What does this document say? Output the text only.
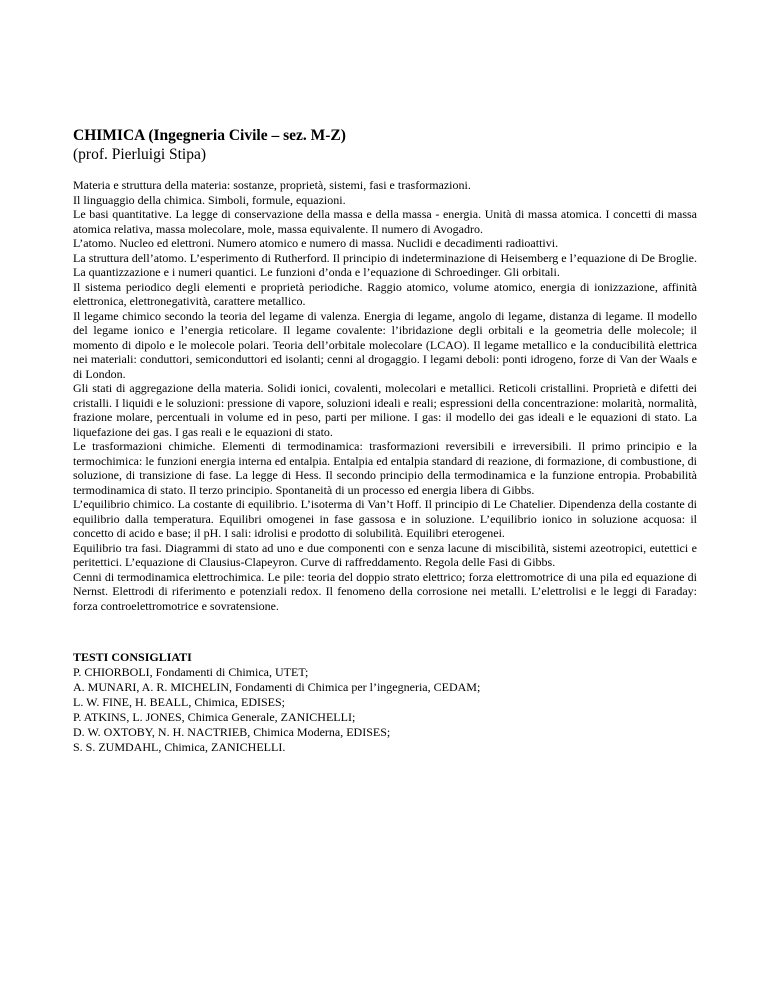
CHIMICA (Ingegneria Civile – sez. M-Z)

(prof. Pierluigi Stipa)

Materia e struttura della materia: sostanze, proprietà, sistemi, fasi e trasformazioni.

Il linguaggio della chimica. Simboli, formule, equazioni.

Le basi quantitative. La legge di conservazione della massa e della massa - energia. Unità di massa atomica. I concetti di massa atomica relativa, massa molecolare, mole, massa equivalente. Il numero di Avogadro.

L’atomo. Nucleo ed elettroni. Numero atomico e numero di massa. Nuclidi e decadimenti radioattivi.

La struttura dell’atomo. L’esperimento di Rutherford. Il principio di indeterminazione di Heisemberg e l’equazione di De Broglie. La quantizzazione e i numeri quantici. Le funzioni d’onda e l’equazione di Schroedinger. Gli orbitali.

Il sistema periodico degli elementi e proprietà periodiche. Raggio atomico, volume atomico, energia di ionizzazione, affinità elettronica, elettronegatività, carattere metallico.

Il legame chimico secondo la teoria del legame di valenza. Energia di legame, angolo di legame, distanza di legame. Il modello del legame ionico e l’energia reticolare. Il legame covalente: l’ibridazione degli orbitali e la geometria delle molecole; il momento di dipolo e le molecole polari. Teoria dell’orbitale molecolare (LCAO). Il legame metallico e la conducibilità elettrica nei materiali: conduttori, semiconduttori ed isolanti; cenni al drogaggio. I legami deboli: ponti idrogeno, forze di Van der Waals e di London.

Gli stati di aggregazione della materia. Solidi ionici, covalenti, molecolari e metallici. Reticoli cristallini. Proprietà e difetti dei cristalli. I liquidi e le soluzioni: pressione di vapore, soluzioni ideali e reali; espressioni della concentrazione: molarità, normalità, frazione molare, percentuali in volume ed in peso, parti per milione. I gas: il modello dei gas ideali e le equazioni di stato. La liquefazione dei gas. I gas reali e le equazioni di stato.

Le trasformazioni chimiche. Elementi di termodinamica: trasformazioni reversibili e irreversibili. Il primo principio e la termochimica: le funzioni energia interna ed entalpia. Entalpia ed entalpia standard di reazione, di formazione, di combustione, di soluzione, di transizione di fase. La legge di Hess. Il secondo principio della termodinamica e la funzione entropia. Probabilità termodinamica di stato. Il terzo principio. Spontaneità di un processo ed energia libera di Gibbs.

L’equilibrio chimico. La costante di equilibrio. L’isoterma di Van’t Hoff. Il principio di Le Chatelier. Dipendenza della costante di equilibrio dalla temperatura. Equilibri omogenei in fase gassosa e in soluzione. L’equilibrio ionico in soluzione acquosa: il concetto di acido e base; il pH. I sali: idrolisi e prodotto di solubilità. Equilibri eterogenei.

Equilibrio tra fasi. Diagrammi di stato ad uno e due componenti con e senza lacune di miscibilità, sistemi azeotropici, eutettici e peritettici. L’equazione di Clausius-Clapeyron. Curve di raffreddamento. Regola delle Fasi di Gibbs.

Cenni di termodinamica elettrochimica. Le pile: teoria del doppio strato elettrico; forza elettromotrice di una pila ed equazione di Nernst. Elettrodi di riferimento e potenziali redox. Il fenomeno della corrosione nei metalli. L’elettrolisi e le leggi di Faraday: forza controelettromotrice e sovratensione.

TESTI CONSIGLIATI
P. CHIORBOLI, Fondamenti di Chimica, UTET;
A. MUNARI, A. R. MICHELIN, Fondamenti di Chimica per l’ingegneria, CEDAM;
L. W. FINE, H. BEALL, Chimica, EDISES;
P. ATKINS, L. JONES, Chimica Generale, ZANICHELLI;
D. W. OXTOBY, N. H. NACTRIEB, Chimica Moderna, EDISES;
S. S. ZUMDAHL, Chimica, ZANICHELLI.
